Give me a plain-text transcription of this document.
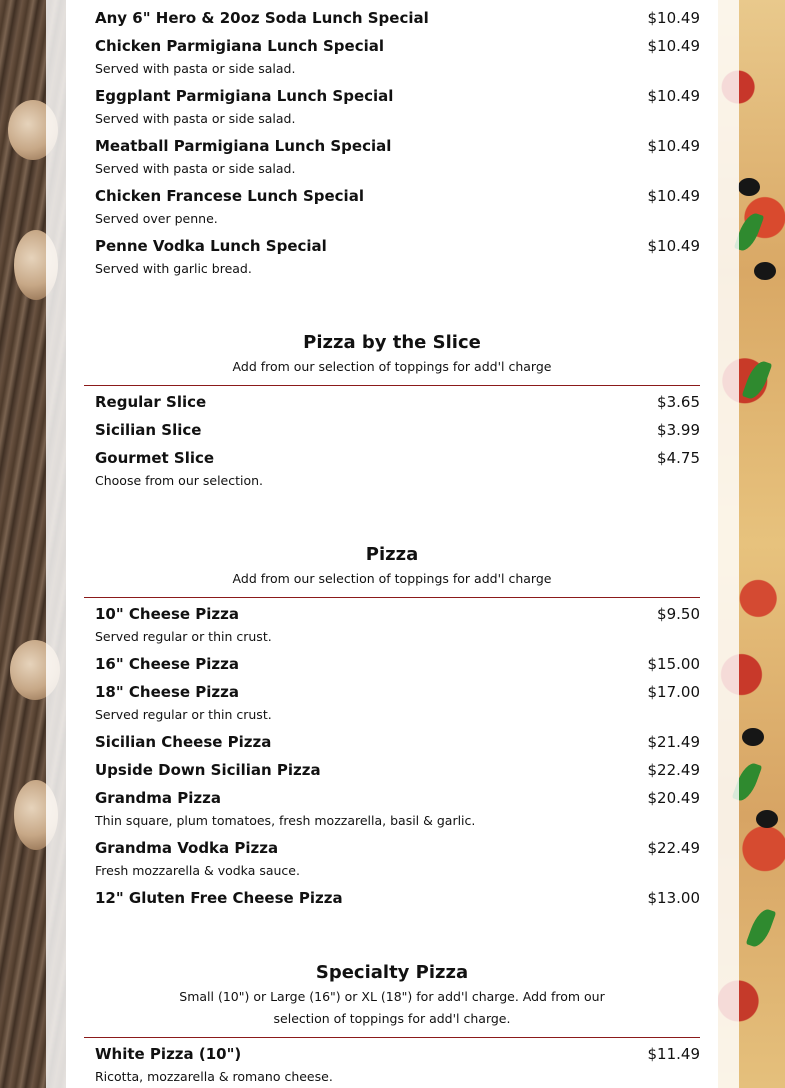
Any 6" Hero & 20oz Soda Lunch Special	$10.49
Chicken Parmigiana Lunch Special	$10.49
Served with pasta or side salad.
Eggplant Parmigiana Lunch Special	$10.49
Served with pasta or side salad.
Meatball Parmigiana Lunch Special	$10.49
Served with pasta or side salad.
Chicken Francese Lunch Special	$10.49
Served over penne.
Penne Vodka Lunch Special	$10.49
Served with garlic bread.
Pizza by the Slice
Add from our selection of toppings for add'l charge
Regular Slice	$3.65
Sicilian Slice	$3.99
Gourmet Slice	$4.75
Choose from our selection.
Pizza
Add from our selection of toppings for add'l charge
10" Cheese Pizza	$9.50
Served regular or thin crust.
16" Cheese Pizza	$15.00
18" Cheese Pizza	$17.00
Served regular or thin crust.
Sicilian Cheese Pizza	$21.49
Upside Down Sicilian Pizza	$22.49
Grandma Pizza	$20.49
Thin square, plum tomatoes, fresh mozzarella, basil & garlic.
Grandma Vodka Pizza	$22.49
Fresh mozzarella & vodka sauce.
12" Gluten Free Cheese Pizza	$13.00
Specialty Pizza
Small (10") or Large (16") or XL (18") for add'l charge. Add from our selection of toppings for add'l charge.
White Pizza (10")	$11.49
Ricotta, mozzarella & romano cheese.
